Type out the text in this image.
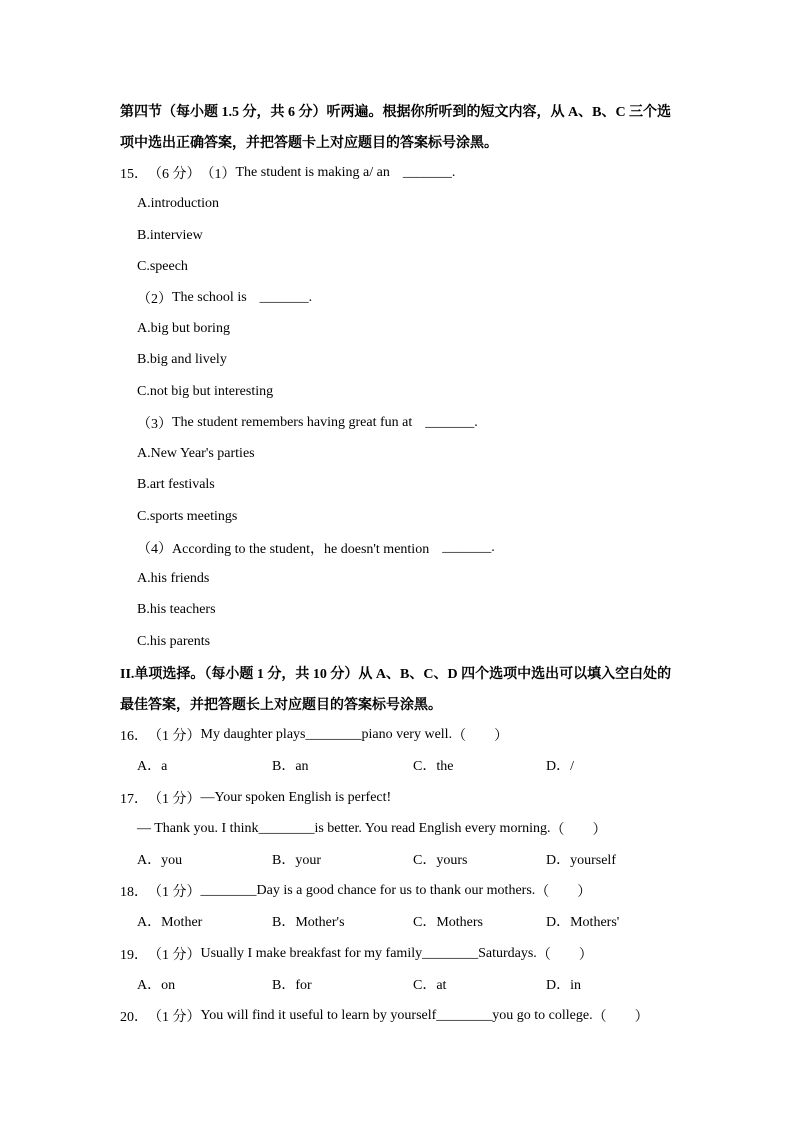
第四节（每小题 1.5 分，共 6 分）听两遍。根据你所听到的短文内容，从 A、B、C 三个选
项中选出正确答案，并把答题卡上对应题目的答案标号涂黑。
15． （6 分） （1） The student is making a/ an _______ .
A.introduction
B.interview
C.speech
（2） The school is _______ .
A.big but boring
B.big and lively
C.not big but interesting
（3） The student remembers having great fun at _______ .
A.New Year's parties
B.art festivals
C.sports meetings
（4） According to the student，he doesn't mention _______ .
A.his friends
B.his teachers
C.his parents
II.单项选择。（每小题 1 分，共 10 分）从 A、B、C、D 四个选项中选出可以填入空白处的
最佳答案，并把答题长上对应题目的答案标号涂黑。
16． （1 分） My daughter plays ________ piano very well. （　　）
A．a	B．an	C．the	D．/
17． （1 分） —Your spoken English is perfect!
— Thank you. I think ________ is better. You read English every morning. （　　）
A．you	B．your	C．yours	D．yourself
18． （1 分） ________ Day is a good chance for us to thank our mothers. （　　）
A．Mother	B．Mother's	C．Mothers	D．Mothers'
19． （1 分） Usually I make breakfast for my family ________ Saturdays. （　　）
A．on	B．for	C．at	D．in
20． （1 分） You will find it useful to learn by yourself ________ you go to college. （　　）
